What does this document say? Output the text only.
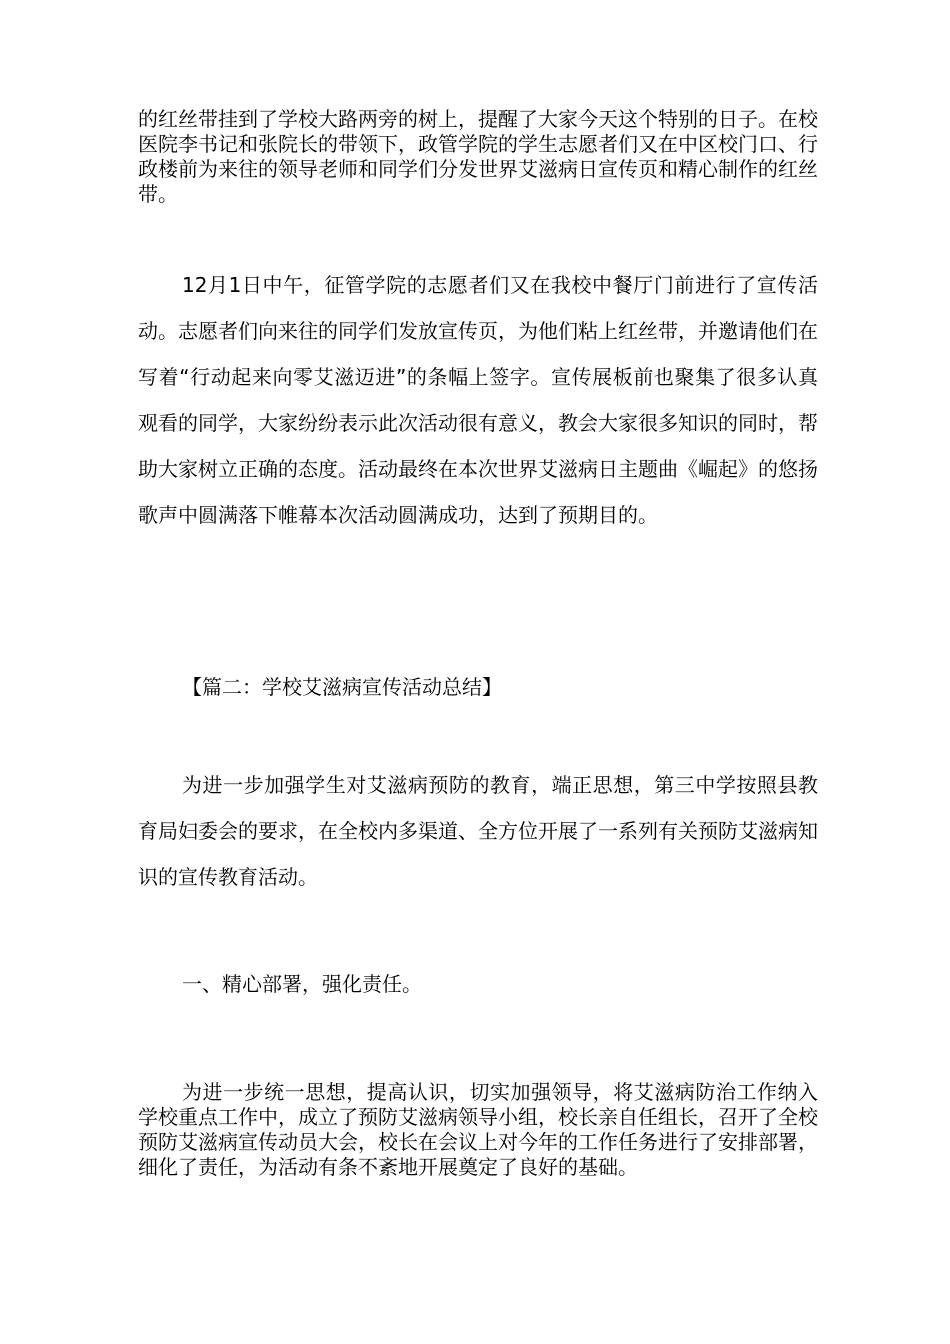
的红丝带挂到了学校大路两旁的树上，提醒了大家今天这个特别的日子。在校医院李书记和张院长的带领下，政管学院的学生志愿者们又在中区校门口、行政楼前为来往的领导老师和同学们分发世界艾滋病日宣传页和精心制作的红丝带。

12月1日中午，征管学院的志愿者们又在我校中餐厅门前进行了宣传活动。志愿者们向来往的同学们发放宣传页，为他们粘上红丝带，并邀请他们在写着“行动起来向零艾滋迈进”的条幅上签字。宣传展板前也聚集了很多认真观看的同学，大家纷纷表示此次活动很有意义，教会大家很多知识的同时，帮助大家树立正确的态度。活动最终在本次世界艾滋病日主题曲《崛起》的悠扬歌声中圆满落下帷幕本次活动圆满成功，达到了预期目的。

【篇二：学校艾滋病宣传活动总结】

为进一步加强学生对艾滋病预防的教育，端正思想，第三中学按照县教育局妇委会的要求，在全校内多渠道、全方位开展了一系列有关预防艾滋病知识的宣传教育活动。

一、精心部署，强化责任。

为进一步统一思想，提高认识，切实加强领导，将艾滋病防治工作纳入学校重点工作中，成立了预防艾滋病领导小组，校长亲自任组长，召开了全校预防艾滋病宣传动员大会，校长在会议上对今年的工作任务进行了安排部署，细化了责任，为活动有条不紊地开展奠定了良好的基础。
